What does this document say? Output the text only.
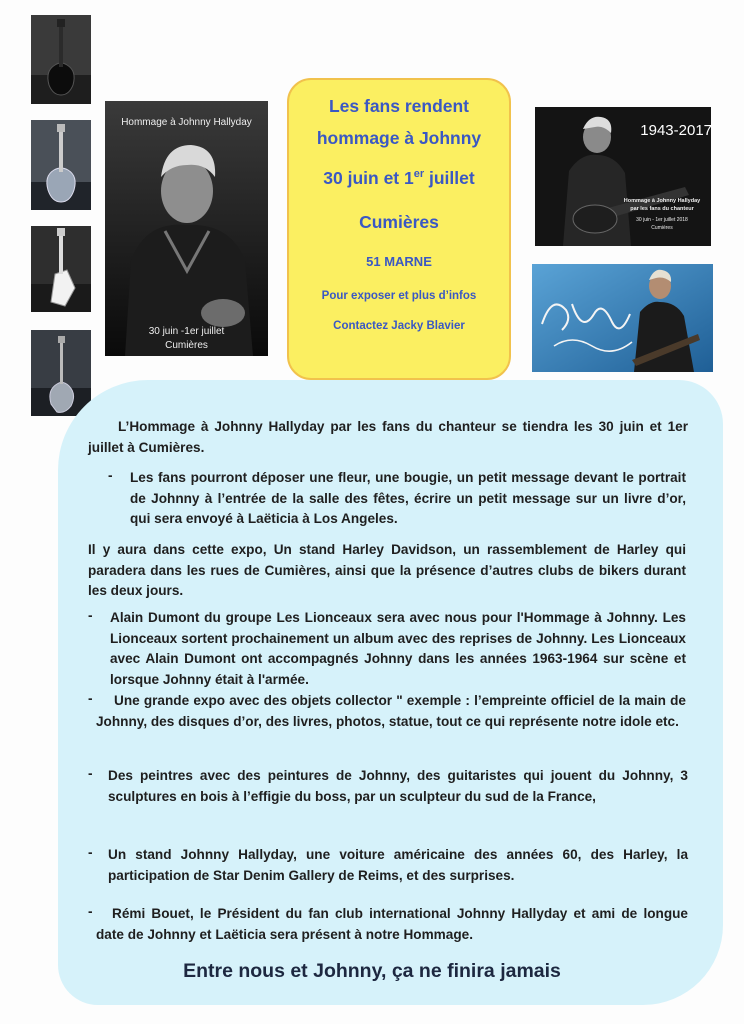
Hommage à Johnny Hallyday
30 juin -1er juillet
Cumières
Les fans rendent
hommage à Johnny
30 juin et 1er juillet
Cumières
51 MARNE
Pour exposer et plus d’infos
Contactez Jacky Blavier
1943-2017
Hommage à Johnny Hallyday
par les fans du chanteur
30 juin - 1er juillet 2018
Cumières

L’Hommage à Johnny Hallyday par les fans du chanteur se tiendra les 30 juin et 1er juillet à Cumières.

- Les fans pourront déposer une fleur, une bougie, un petit message devant le portrait de Johnny à l’entrée de la salle des fêtes, écrire un petit message sur un livre d’or, qui sera envoyé à Laëticia à Los Angeles.

Il y aura dans cette expo, Un stand Harley Davidson, un rassemblement de Harley qui paradera dans les rues de Cumières, ainsi que la présence d’autres clubs de bikers durant les deux jours.

- Alain Dumont du groupe Les Lionceaux sera avec nous pour l'Hommage à Johnny. Les Lionceaux sortent prochainement un album avec des reprises de Johnny. Les Lionceaux avec Alain Dumont ont accompagnés Johnny dans les années 1963-1964 sur scène et lorsque Johnny était à l'armée.

-	Une grande expo avec des objets collector " exemple : l’empreinte officiel de la main de Johnny, des disques d’or, des livres, photos, statue, tout ce qui représente notre idole etc.

- Des peintres avec des peintures de Johnny, des guitaristes qui jouent du Johnny, 3 sculptures en bois à l’effigie du boss, par un sculpteur du sud de la France,

- Un stand Johnny Hallyday, une voiture américaine des années 60, des Harley, la participation de Star Denim Gallery de Reims, et des surprises.

-	Rémi Bouet, le Président du fan club international Johnny Hallyday et ami de longue date de Johnny et Laëticia sera présent à notre Hommage.

Entre nous et Johnny, ça ne finira jamais
